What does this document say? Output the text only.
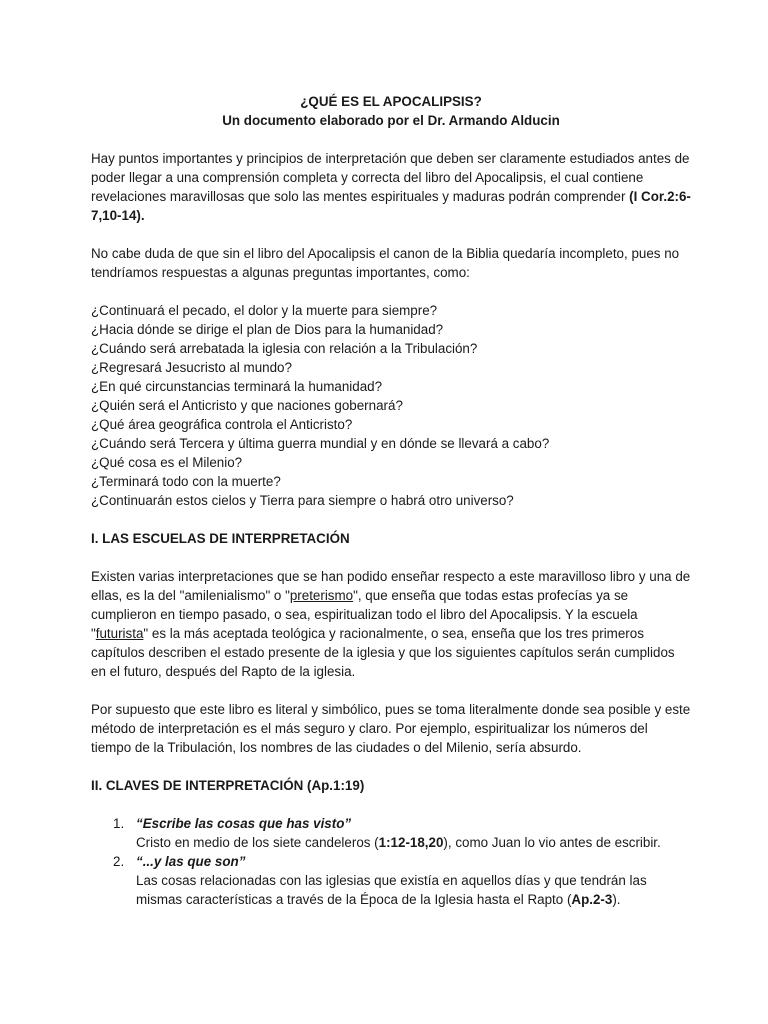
¿QUÉ ES EL APOCALIPSIS?

Un documento elaborado por el Dr. Armando Alducin

Hay puntos importantes y principios de interpretación que deben ser claramente estudiados antes de poder llegar a una comprensión completa y correcta del libro del Apocalipsis, el cual contiene revelaciones maravillosas que solo las mentes espirituales y maduras podrán comprender (I Cor.2:6-7,10-14).

No cabe duda de que sin el libro del Apocalipsis el canon de la Biblia quedaría incompleto, pues no tendríamos respuestas a algunas preguntas importantes, como:

¿Continuará el pecado, el dolor y la muerte para siempre?
¿Hacia dónde se dirige el plan de Dios para la humanidad?
¿Cuándo será arrebatada la iglesia con relación a la Tribulación?
¿Regresará Jesucristo al mundo?
¿En qué circunstancias terminará la humanidad?
¿Quién será el Anticristo y que naciones gobernará?
¿Qué área geográfica controla el Anticristo?
¿Cuándo será Tercera y última guerra mundial y en dónde se llevará a cabo?
¿Qué cosa es el Milenio?
¿Terminará todo con la muerte?
¿Continuarán estos cielos y Tierra para siempre o habrá otro universo?

I. LAS ESCUELAS DE INTERPRETACIÓN

Existen varias interpretaciones que se han podido enseñar respecto a este maravilloso libro y una de ellas, es la del "amilenialismo" o "preterismo", que enseña que todas estas profecías ya se cumplieron en tiempo pasado, o sea, espiritualizan todo el libro del Apocalipsis. Y la escuela "futurista" es la más aceptada teológica y racionalmente, o sea, enseña que los tres primeros capítulos describen el estado presente de la iglesia y que los siguientes capítulos serán cumplidos en el futuro, después del Rapto de la iglesia.

Por supuesto que este libro es literal y simbólico, pues se toma literalmente donde sea posible y este método de interpretación es el más seguro y claro. Por ejemplo, espiritualizar los números del tiempo de la Tribulación, los nombres de las ciudades o del Milenio, sería absurdo.

II. CLAVES DE INTERPRETACIÓN (Ap.1:19)

1. “Escribe las cosas que has visto”
Cristo en medio de los siete candeleros (1:12-18,20), como Juan lo vio antes de escribir.
2. “...y las que son”
Las cosas relacionadas con las iglesias que existía en aquellos días y que tendrán las mismas características a través de la Época de la Iglesia hasta el Rapto (Ap.2-3).
